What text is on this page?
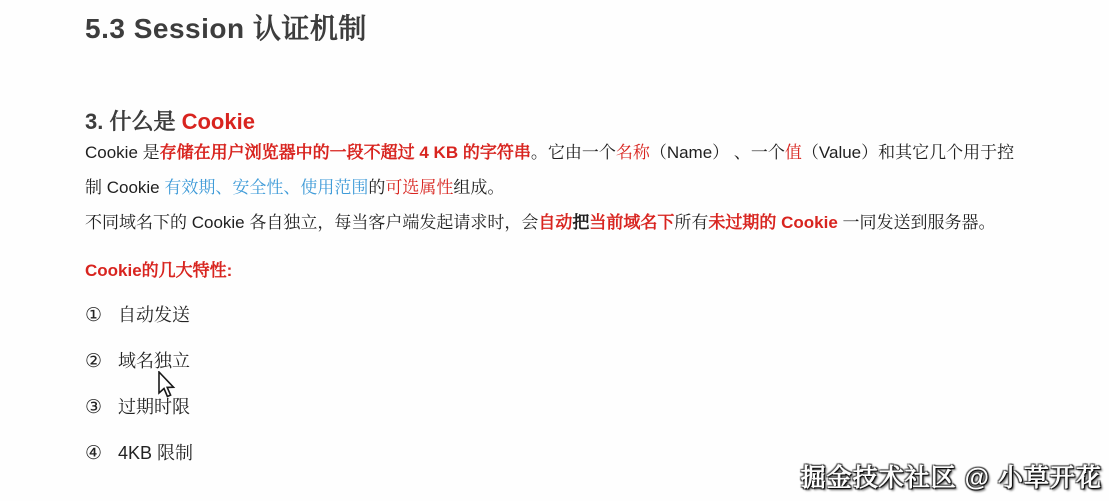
5.3 Session 认证机制
3. 什么是 Cookie

Cookie 是存储在用户浏览器中的一段不超过 4 KB 的字符串。它由一个名称（Name） 、一个值（Value）和其它几个用于控制 Cookie 有效期、安全性、使用范围的可选属性组成。

不同域名下的 Cookie 各自独立，每当客户端发起请求时，会自动把当前域名下所有未过期的 Cookie 一同发送到服务器。

Cookie的几大特性:
① 自动发送
② 域名独立
③ 过期时限
④ 4KB 限制
掘金技术社区 @ 小草开花
